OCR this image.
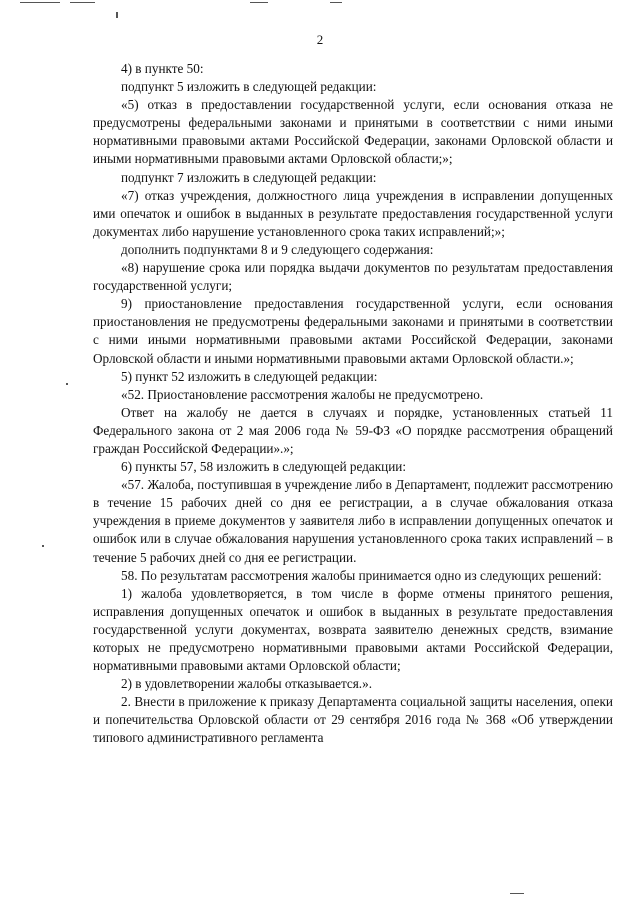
2

4) в пункте 50:

подпункт 5 изложить в следующей редакции:

«5) отказ в предоставлении государственной услуги, если основания отказа не предусмотрены федеральными законами и принятыми в соответствии с ними иными нормативными правовыми актами Российской Федерации, законами Орловской области и иными нормативными правовыми актами Орловской области;»;

подпункт 7 изложить в следующей редакции:

«7) отказ учреждения, должностного лица учреждения в исправлении допущенных ими опечаток и ошибок в выданных в результате предоставления государственной услуги документах либо нарушение установленного срока таких исправлений;»;

дополнить подпунктами 8 и 9 следующего содержания:

«8) нарушение срока или порядка выдачи документов по результатам предоставления государственной услуги;

9) приостановление предоставления государственной услуги, если основания приостановления не предусмотрены федеральными законами и принятыми в соответствии с ними иными нормативными правовыми актами Российской Федерации, законами Орловской области и иными нормативными правовыми актами Орловской области.»;

5) пункт 52 изложить в следующей редакции:

«52. Приостановление рассмотрения жалобы не предусмотрено.

Ответ на жалобу не дается в случаях и порядке, установленных статьей 11 Федерального закона от 2 мая 2006 года № 59-ФЗ «О порядке рассмотрения обращений граждан Российской Федерации».»;

6) пункты 57, 58 изложить в следующей редакции:

«57. Жалоба, поступившая в учреждение либо в Департамент, подлежит рассмотрению в течение 15 рабочих дней со дня ее регистрации, а в случае обжалования отказа учреждения в приеме документов у заявителя либо в исправлении допущенных опечаток и ошибок или в случае обжалования нарушения установленного срока таких исправлений – в течение 5 рабочих дней со дня ее регистрации.

58. По результатам рассмотрения жалобы принимается одно из следующих решений:

1) жалоба удовлетворяется, в том числе в форме отмены принятого решения, исправления допущенных опечаток и ошибок в выданных в результате предоставления государственной услуги документах, возврата заявителю денежных средств, взимание которых не предусмотрено нормативными правовыми актами Российской Федерации, нормативными правовыми актами Орловской области;

2) в удовлетворении жалобы отказывается.».

2. Внести в приложение к приказу Департамента социальной защиты населения, опеки и попечительства Орловской области от 29 сентября 2016 года № 368 «Об утверждении типового административного регламента
